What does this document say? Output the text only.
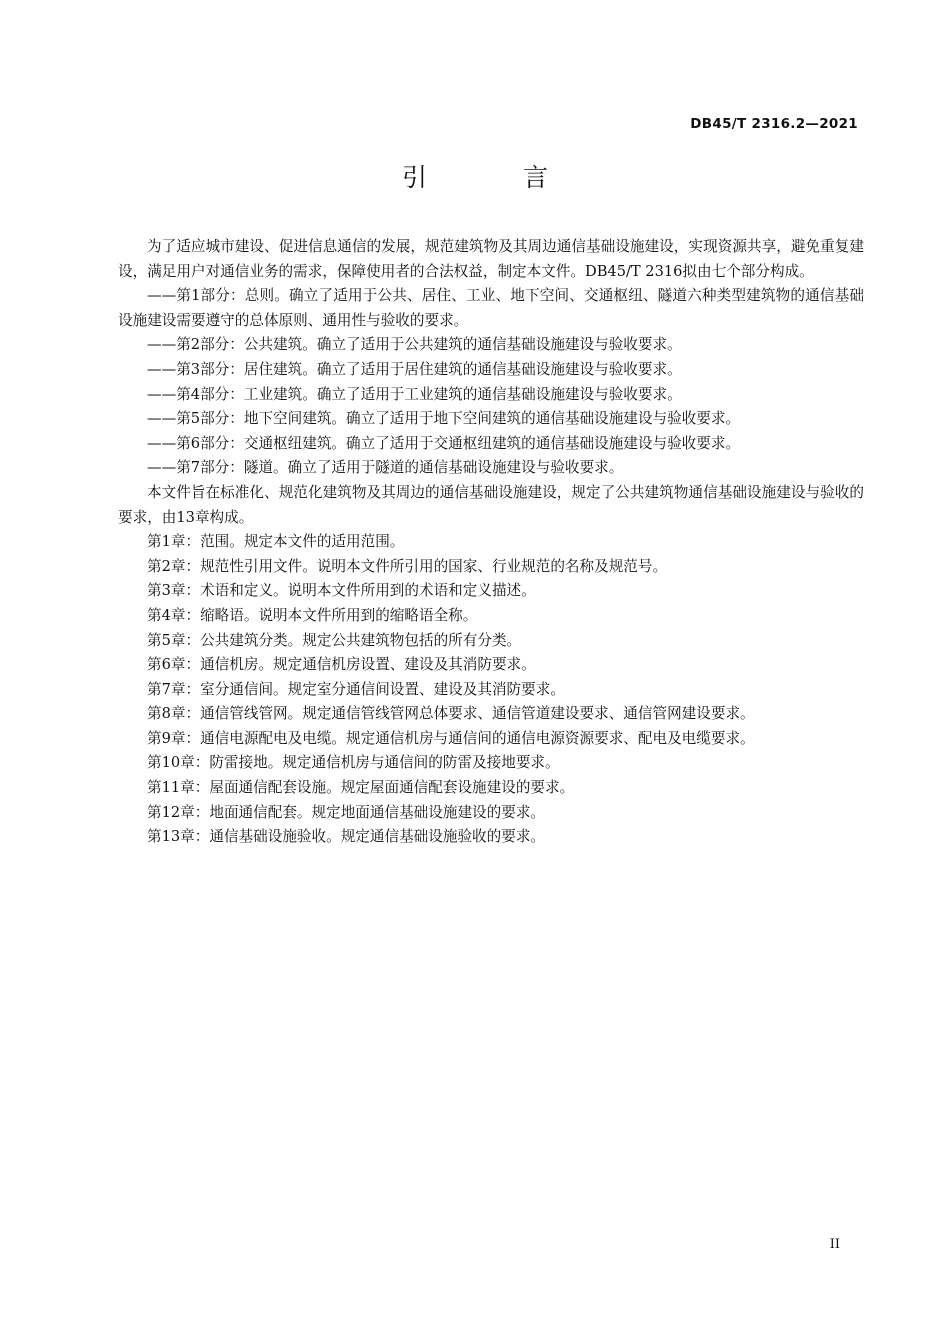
DB45/T 2316.2—2021
引 言

为了适应城市建设、促进信息通信的发展，规范建筑物及其周边通信基础设施建设，实现资源共享，避免重复建设，满足用户对通信业务的需求，保障使用者的合法权益，制定本文件。DB45/T 2316拟由七个部分构成。

——第1部分：总则。确立了适用于公共、居住、工业、地下空间、交通枢纽、隧道六种类型建筑物的通信基础设施建设需要遵守的总体原则、通用性与验收的要求。

——第2部分：公共建筑。确立了适用于公共建筑的通信基础设施建设与验收要求。

——第3部分：居住建筑。确立了适用于居住建筑的通信基础设施建设与验收要求。

——第4部分：工业建筑。确立了适用于工业建筑的通信基础设施建设与验收要求。

——第5部分：地下空间建筑。确立了适用于地下空间建筑的通信基础设施建设与验收要求。

——第6部分：交通枢纽建筑。确立了适用于交通枢纽建筑的通信基础设施建设与验收要求。

——第7部分：隧道。确立了适用于隧道的通信基础设施建设与验收要求。

本文件旨在标准化、规范化建筑物及其周边的通信基础设施建设，规定了公共建筑物通信基础设施建设与验收的要求，由13章构成。

第1章：范围。规定本文件的适用范围。

第2章：规范性引用文件。说明本文件所引用的国家、行业规范的名称及规范号。

第3章：术语和定义。说明本文件所用到的术语和定义描述。

第4章：缩略语。说明本文件所用到的缩略语全称。

第5章：公共建筑分类。规定公共建筑物包括的所有分类。

第6章：通信机房。规定通信机房设置、建设及其消防要求。

第7章：室分通信间。规定室分通信间设置、建设及其消防要求。

第8章：通信管线管网。规定通信管线管网总体要求、通信管道建设要求、通信管网建设要求。

第9章：通信电源配电及电缆。规定通信机房与通信间的通信电源资源要求、配电及电缆要求。

第10章：防雷接地。规定通信机房与通信间的防雷及接地要求。

第11章：屋面通信配套设施。规定屋面通信配套设施建设的要求。

第12章：地面通信配套。规定地面通信基础设施建设的要求。

第13章：通信基础设施验收。规定通信基础设施验收的要求。

II
